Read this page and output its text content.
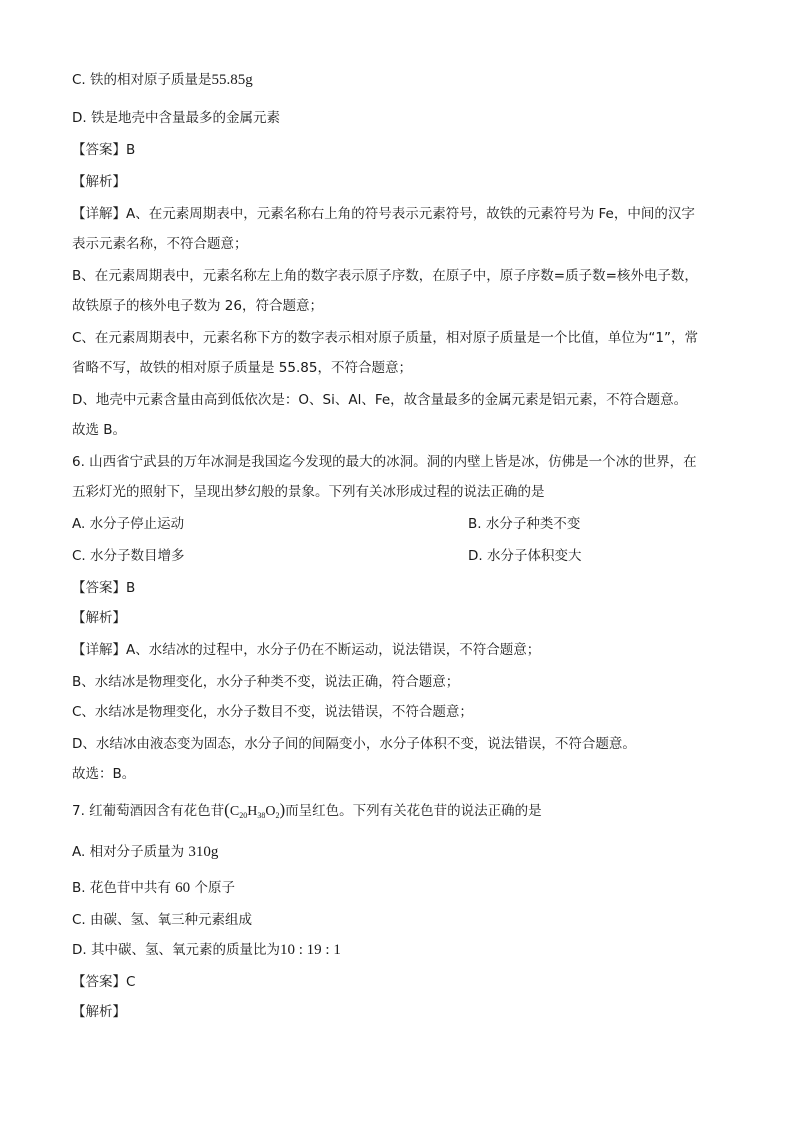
C. 铁的相对原子质量是55.85g
D. 铁是地壳中含量最多的金属元素
【答案】B
【解析】
【详解】A、在元素周期表中，元素名称右上角的符号表示元素符号，故铁的元素符号为 Fe，中间的汉字
表示元素名称，不符合题意；
B、在元素周期表中，元素名称左上角的数字表示原子序数，在原子中，原子序数=质子数=核外电子数，
故铁原子的核外电子数为 26，符合题意；
C、在元素周期表中，元素名称下方的数字表示相对原子质量，相对原子质量是一个比值，单位为“1”，常
省略不写，故铁的相对原子质量是 55.85，不符合题意；
D、地壳中元素含量由高到低依次是：O、Si、Al、Fe，故含量最多的金属元素是铝元素，不符合题意。
故选 B。
6. 山西省宁武县的万年冰洞是我国迄今发现的最大的冰洞。洞的内壁上皆是冰，仿佛是一个冰的世界，在
五彩灯光的照射下，呈现出梦幻般的景象。下列有关冰形成过程的说法正确的是
A. 水分子停止运动	B. 水分子种类不变
C. 水分子数目增多	D. 水分子体积变大
【答案】B
【解析】
【详解】A、水结冰的过程中，水分子仍在不断运动，说法错误，不符合题意；
B、水结冰是物理变化，水分子种类不变，说法正确，符合题意；
C、水结冰是物理变化，水分子数目不变，说法错误，不符合题意；
D、水结冰由液态变为固态，水分子间的间隔变小，水分子体积不变，说法错误，不符合题意。
故选：B。
7. 红葡萄酒因含有花色苷$(C_{20}H_{38}O_2)$而呈红色。下列有关花色苷的说法正确的是
A. 相对分子质量为 310g
B. 花色苷中共有 60 个原子
C. 由碳、氢、氧三种元素组成
D. 其中碳、氢、氧元素的质量比为10 : 19 : 1
【答案】C
【解析】
